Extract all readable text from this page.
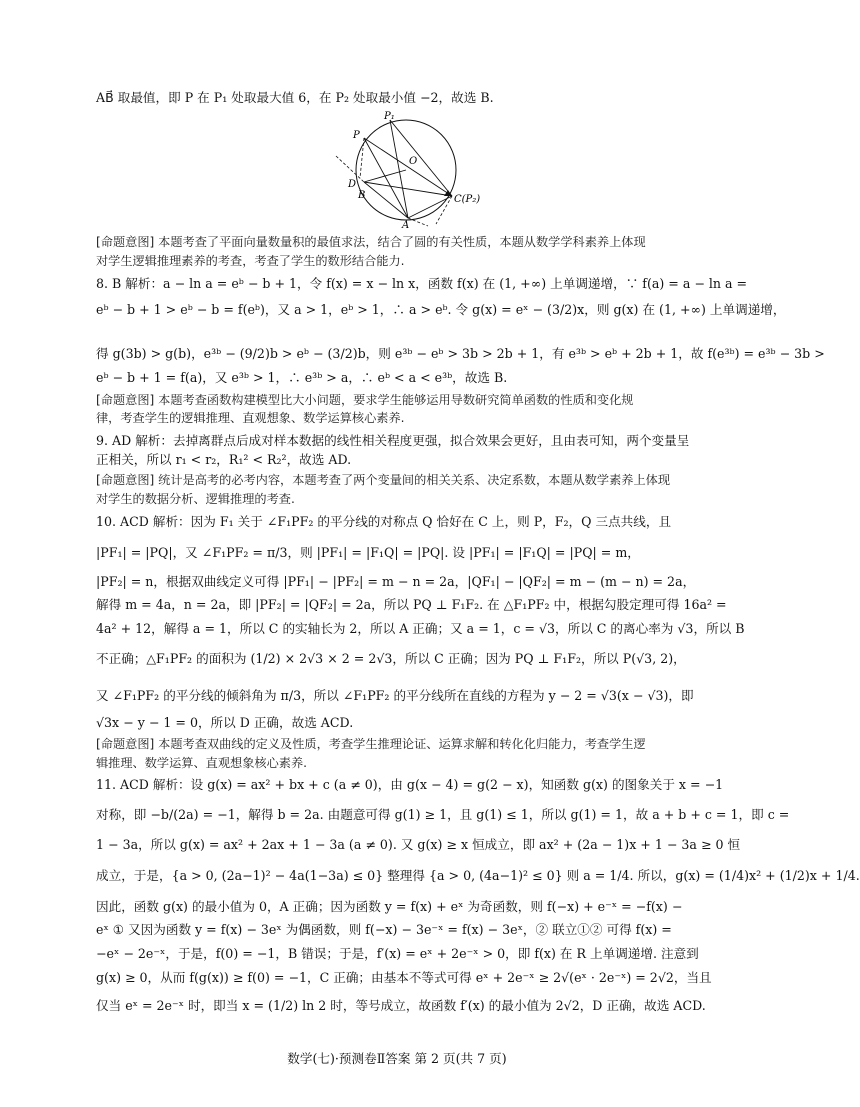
AB⃗ 取最值，即 P 在 P₁ 处取最大值 6，在 P₂ 处取最小值 −2，故选 B.
[命题意图] 本题考查了平面向量数量积的最值求法，结合了圆的有关性质，本题从数学学科素养上体现
对学生逻辑推理素养的考查，考查了学生的数形结合能力.
8. B 解析：a − ln a = eᵇ − b + 1，令 f(x) = x − ln x，函数 f(x) 在 (1, +∞) 上单调递增，∵ f(a) = a − ln a =
eᵇ − b + 1 > eᵇ − b = f(eᵇ)，又 a > 1，eᵇ > 1，∴ a > eᵇ. 令 g(x) = eˣ − (3/2)x，则 g(x) 在 (1, +∞) 上单调递增，
得 g(3b) > g(b)，e³ᵇ − (9/2)b > eᵇ − (3/2)b，则 e³ᵇ − eᵇ > 3b > 2b + 1，有 e³ᵇ > eᵇ + 2b + 1，故 f(e³ᵇ) = e³ᵇ − 3b >
eᵇ − b + 1 = f(a)，又 e³ᵇ > 1，∴ e³ᵇ > a，∴ eᵇ < a < e³ᵇ，故选 B.
[命题意图] 本题考查函数构建模型比大小问题，要求学生能够运用导数研究简单函数的性质和变化规
律，考查学生的逻辑推理、直观想象、数学运算核心素养.
9. AD 解析：去掉离群点后成对样本数据的线性相关程度更强，拟合效果会更好，且由表可知，两个变量呈
正相关，所以 r₁ < r₂，R₁² < R₂²，故选 AD.
[命题意图] 统计是高考的必考内容，本题考查了两个变量间的相关关系、决定系数，本题从数学素养上体现
对学生的数据分析、逻辑推理的考查.
10. ACD 解析：因为 F₁ 关于 ∠F₁PF₂ 的平分线的对称点 Q 恰好在 C 上，则 P，F₂，Q 三点共线，且
|PF₁| = |PQ|，又 ∠F₁PF₂ = π/3，则 |PF₁| = |F₁Q| = |PQ|. 设 |PF₁| = |F₁Q| = |PQ| = m，
|PF₂| = n，根据双曲线定义可得 |PF₁| − |PF₂| = m − n = 2a，|QF₁| − |QF₂| = m − (m − n) = 2a，
解得 m = 4a，n = 2a，即 |PF₂| = |QF₂| = 2a，所以 PQ ⊥ F₁F₂. 在 △F₁PF₂ 中，根据勾股定理可得 16a² =
4a² + 12，解得 a = 1，所以 C 的实轴长为 2，所以 A 正确；又 a = 1，c = √3，所以 C 的离心率为 √3，所以 B
不正确；△F₁PF₂ 的面积为 (1/2) × 2√3 × 2 = 2√3，所以 C 正确；因为 PQ ⊥ F₁F₂，所以 P(√3, 2)，
又 ∠F₁PF₂ 的平分线的倾斜角为 π/3，所以 ∠F₁PF₂ 的平分线所在直线的方程为 y − 2 = √3(x − √3)，即
√3x − y − 1 = 0，所以 D 正确，故选 ACD.
[命题意图] 本题考查双曲线的定义及性质，考查学生推理论证、运算求解和转化化归能力，考查学生逻
辑推理、数学运算、直观想象核心素养.
11. ACD 解析：设 g(x) = ax² + bx + c (a ≠ 0)，由 g(x − 4) = g(2 − x)，知函数 g(x) 的图象关于 x = −1
对称，即 −b/(2a) = −1，解得 b = 2a. 由题意可得 g(1) ≥ 1，且 g(1) ≤ 1，所以 g(1) = 1，故 a + b + c = 1，即 c =
1 − 3a，所以 g(x) = ax² + 2ax + 1 − 3a (a ≠ 0). 又 g(x) ≥ x 恒成立，即 ax² + (2a − 1)x + 1 − 3a ≥ 0 恒
成立，于是，{a > 0, (2a−1)² − 4a(1−3a) ≤ 0} 整理得 {a > 0, (4a−1)² ≤ 0} 则 a = 1/4. 所以，g(x) = (1/4)x² + (1/2)x + 1/4.
因此，函数 g(x) 的最小值为 0，A 正确；因为函数 y = f(x) + eˣ 为奇函数，则 f(−x) + e⁻ˣ = −f(x) −
eˣ ① 又因为函数 y = f(x) − 3eˣ 为偶函数，则 f(−x) − 3e⁻ˣ = f(x) − 3eˣ，② 联立①② 可得 f(x) =
−eˣ − 2e⁻ˣ，于是，f(0) = −1，B 错误；于是，f′(x) = eˣ + 2e⁻ˣ > 0，即 f(x) 在 R 上单调递增. 注意到
g(x) ≥ 0，从而 f(g(x)) ≥ f(0) = −1，C 正确；由基本不等式可得 eˣ + 2e⁻ˣ ≥ 2√(eˣ · 2e⁻ˣ) = 2√2，当且
仅当 eˣ = 2e⁻ˣ 时，即当 x = (1/2) ln 2 时，等号成立，故函数 f′(x) 的最小值为 2√2，D 正确，故选 ACD.
P₁
P
O
D
B	C(P₂)
A
数学(七)·预测卷Ⅱ答案 第 2 页(共 7 页)
